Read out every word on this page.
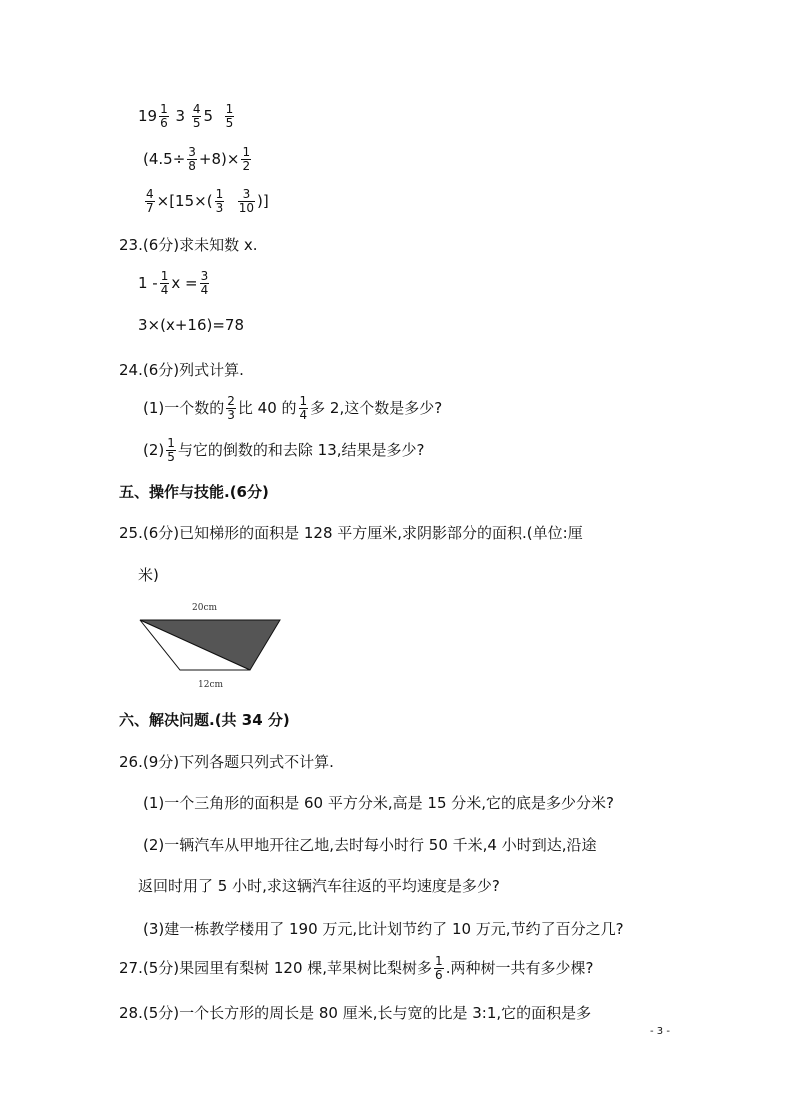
$19 \frac{1}{6} 3 \frac{4}{5} 5 \frac{1}{5}$
$(4.5\div \frac{3}{8} +8)\times \frac{1}{2}$
$\frac{4}{7} \times[15\times( \frac{1}{3}$
$\frac{3}{10}$ )]
23.(6分)求未知数 x.
$1 - \frac{1}{4}$ $x = \frac{3}{4}$
3×(x+16)=78
24.(6分)列式计算.
(1)一个数的 $\frac{2}{3}$ 比 40 的 $\frac{1}{4}$ 多 2,这个数是多少?
$(2) \frac{1}{5}$ 与它的倒数的和去除 13,结果是多少?
五、操作与技能.(6分)
25.(6分)已知梯形的面积是 128 平方厘米,求阴影部分的面积.(单位:厘
米)
20cm
12cm
六、解决问题.(共 34 分)
26.(9分)下列各题只列式不计算.
(1)一个三角形的面积是 60 平方分米,高是 15 分米,它的底是多少分米?
(2)一辆汽车从甲地开往乙地,去时每小时行 50 千米,4 小时到达,沿途
返回时用了 5 小时,求这辆汽车往返的平均速度是多少?
(3)建一栋教学楼用了 190 万元,比计划节约了 10 万元,节约了百分之几?
27.(5分)果园里有梨树 120 棵,苹果树比梨树多 $\frac{1}{6}$ .两种树一共有多少棵?
28.(5分)一个长方形的周长是 80 厘米,长与宽的比是 3:1,它的面积是多
- 3 -
